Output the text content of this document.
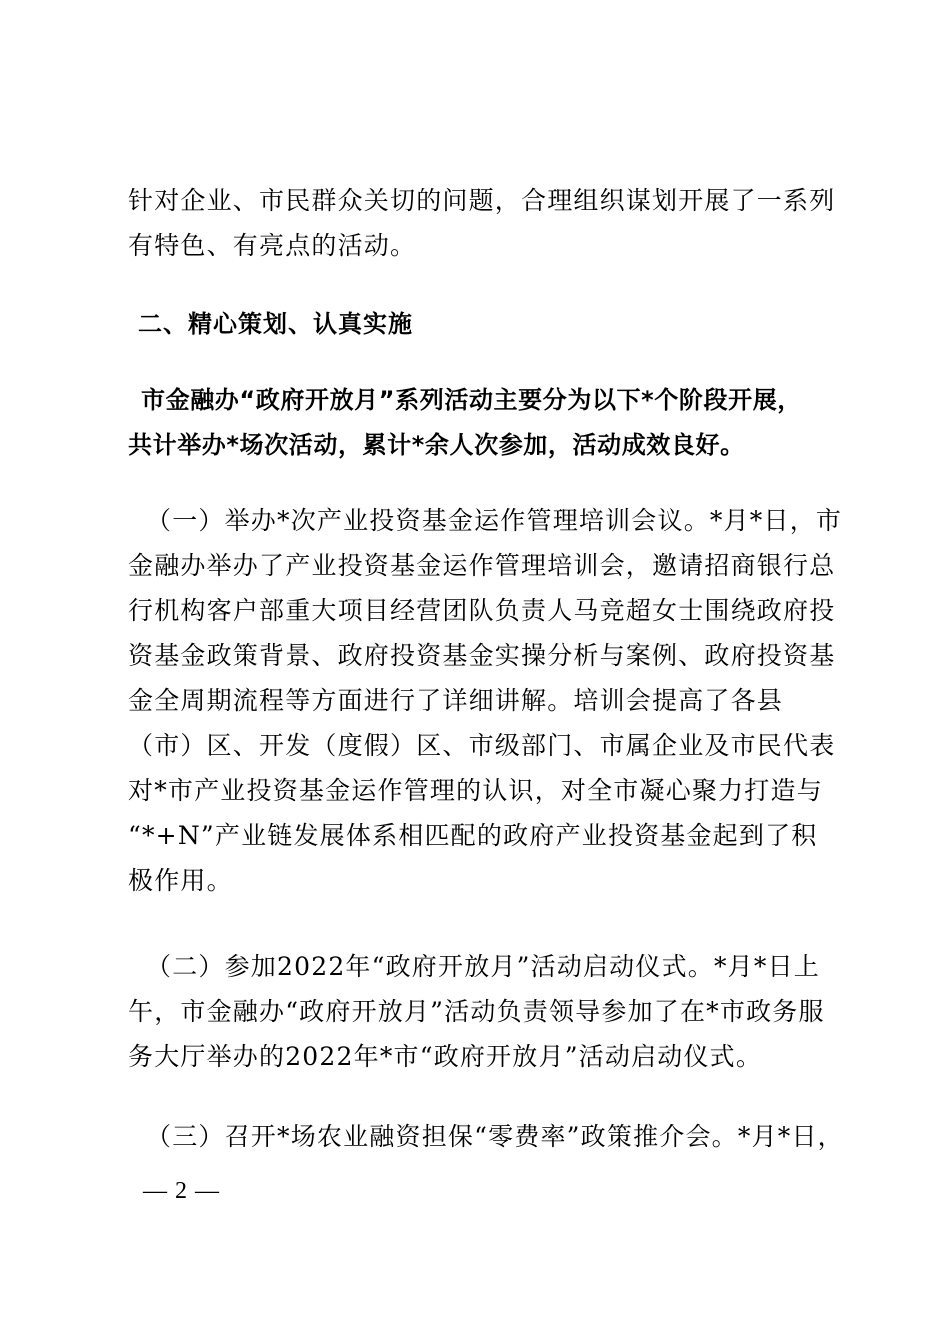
针对企业、市民群众关切的问题，合理组织谋划开展了一系列
有特色、有亮点的活动。
二、精心策划、认真实施
市金融办“政府开放月”系列活动主要分为以下*个阶段开展，
共计举办*场次活动，累计*余人次参加，活动成效良好。
（一）举办*次产业投资基金运作管理培训会议。*月*日，市
金融办举办了产业投资基金运作管理培训会，邀请招商银行总
行机构客户部重大项目经营团队负责人马竞超女士围绕政府投
资基金政策背景、政府投资基金实操分析与案例、政府投资基
金全周期流程等方面进行了详细讲解。培训会提高了各县
（市）区、开发（度假）区、市级部门、市属企业及市民代表
对*市产业投资基金运作管理的认识，对全市凝心聚力打造与
“*+N”产业链发展体系相匹配的政府产业投资基金起到了积
极作用。
（二）参加2022年“政府开放月”活动启动仪式。*月*日上
午，市金融办“政府开放月”活动负责领导参加了在*市政务服
务大厅举办的2022年*市“政府开放月”活动启动仪式。
（三）召开*场农业融资担保“零费率”政策推介会。*月*日，
— 2 —
